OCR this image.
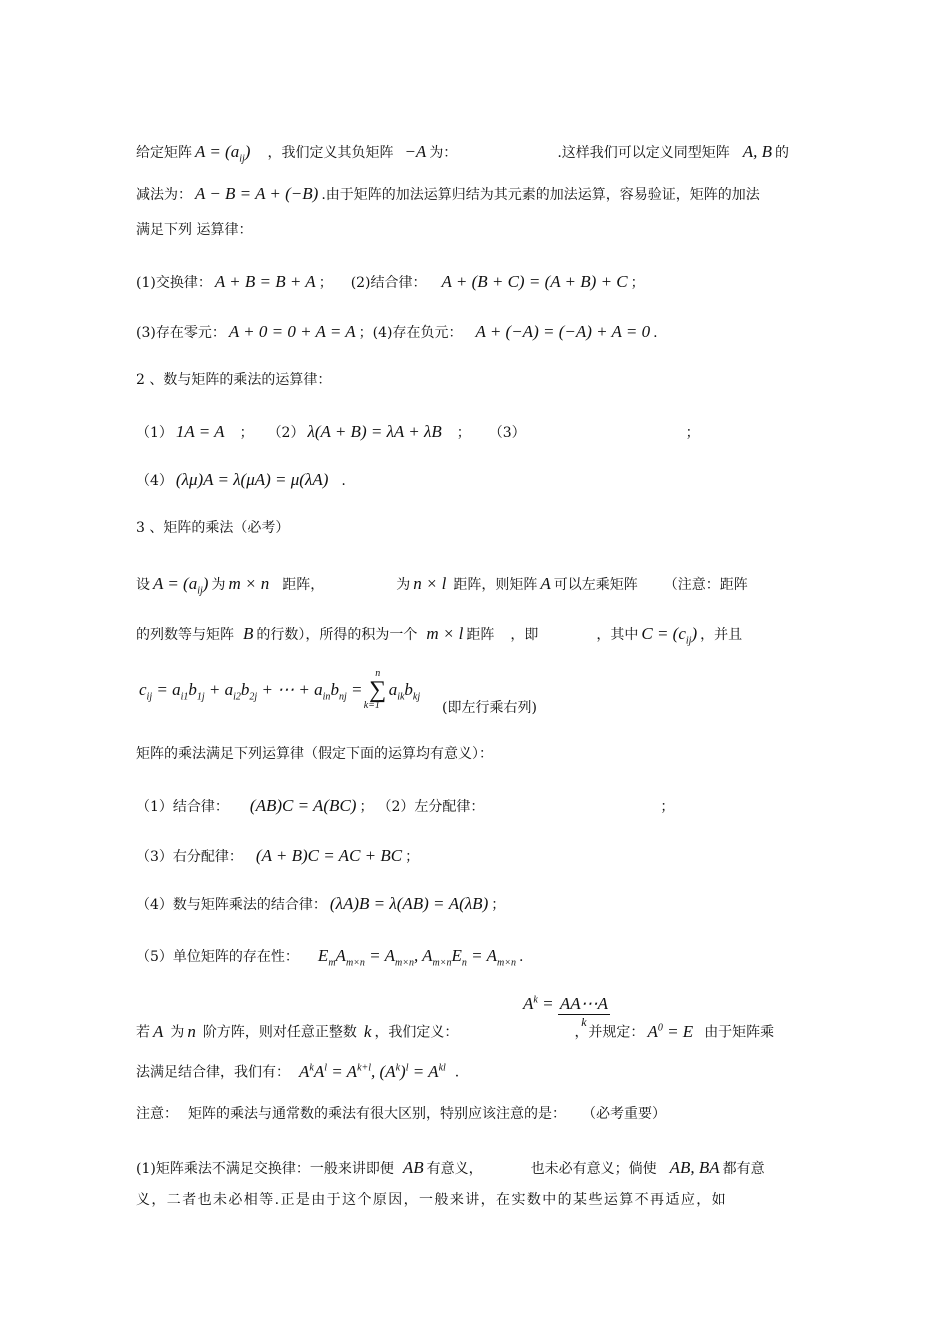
给定矩阵 $A = (a_{ij})$ ，我们定义其负矩阵 −A 为：	.这样我们可以定义同型矩阵 A, B 的
减法为： A − B = A + (−B) .由于矩阵的加法运算归结为其元素的加法运算，容易验证，矩阵的加法
满足下列 运算律：
(1)交换律： A + B = B + A ； (2)结合律： A + (B + C) = (A + B) + C ；
(3)存在零元： A + 0 = 0 + A = A ；(4)存在负元： A + (−A) = (−A) + A = 0 .
2 、数与矩阵的乘法的运算律：
（1） 1A = A ； （2） λ(A + B) = λA + λB ； （3）	；
（4） (λμ)A = λ(μA) = μ(λA) .
3 、矩阵的乘法（必考）
设 $A = (a_{ij})$ 为 m × n 距阵，	为 n × l 距阵，则矩阵 A 可以左乘矩阵 （注意：距阵
的列数等与矩阵 B 的行数），所得的积为一个 m × l 距阵 ，即	，其中 $C = (c_{ij})$ ，并且
$c_{ij} = a_{i1}b_{1j} + a_{i2}b_{2j}$ + ⋯ + $a_{in}b_{nj}$ =
n
∑
k=1
$a_{ik}b_{kj}$
(即左行乘右列)
矩阵的乘法满足下列运算律（假定下面的运算均有意义）：
（1）结合律： (AB)C = A(BC) ； （2）左分配律：	；
（3）右分配律： (A + B)C = AC + BC ；
（4）数与矩阵乘法的结合律： (λA)B = λ(AB) = A(λB) ；
（5）单位矩阵的存在性： $E_mA_{m\times n} = A_{m\times n}$, $A_{m\times n}E_n = A_{m\times n}$ .
$A^k$ = AA⋯A
k
若 A 为 n 阶方阵，则对任意正整数 k ，我们定义：	，并规定： $A^0 = E$ 由于矩阵乘
法满足结合律，我们有： $A^kA^l = A^{k+l}$, $(A^k)^l = A^{kl}$ .
注意： 矩阵的乘法与通常数的乘法有很大区别，特别应该注意的是： （必考重要）
(1)矩阵乘法不满足交换律：一般来讲即便 AB 有意义，	也未必有意义；倘使 AB, BA 都有意
义，二者也未必相等.正是由于这个原因，一般来讲，在实数中的某些运算不再适应，如
